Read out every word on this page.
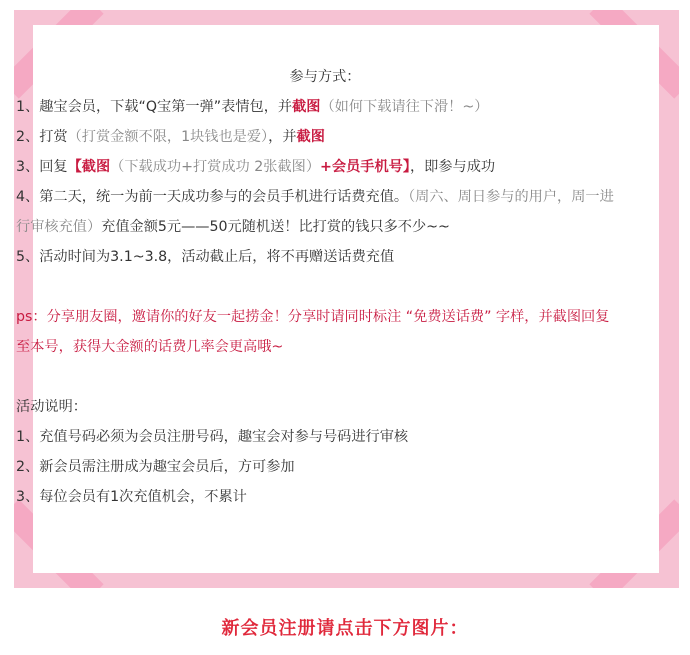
参与方式：
1、趣宝会员，下载“Q宝第一弹”表情包，并截图（如何下载请往下滑！~）
2、打赏（打赏金额不限，1块钱也是爱），并截图
3、回复【截图（下载成功+打赏成功 2张截图）+会员手机号】，即参与成功
4、第二天，统一为前一天成功参与的会员手机进行话费充值。（周六、周日参与的用户，周一进行审核充值）充值金额5元——50元随机送！比打赏的钱只多不少~~
5、活动时间为3.1~3.8，活动截止后，将不再赠送话费充值
ps：分享朋友圈，邀请你的好友一起捞金！分享时请同时标注 “免费送话费” 字样，并截图回复至本号，获得大金额的话费几率会更高哦~
活动说明：
1、充值号码必须为会员注册号码，趣宝会对参与号码进行审核
2、新会员需注册成为趣宝会员后，方可参加
3、每位会员有1次充值机会，不累计
新会员注册请点击下方图片：
